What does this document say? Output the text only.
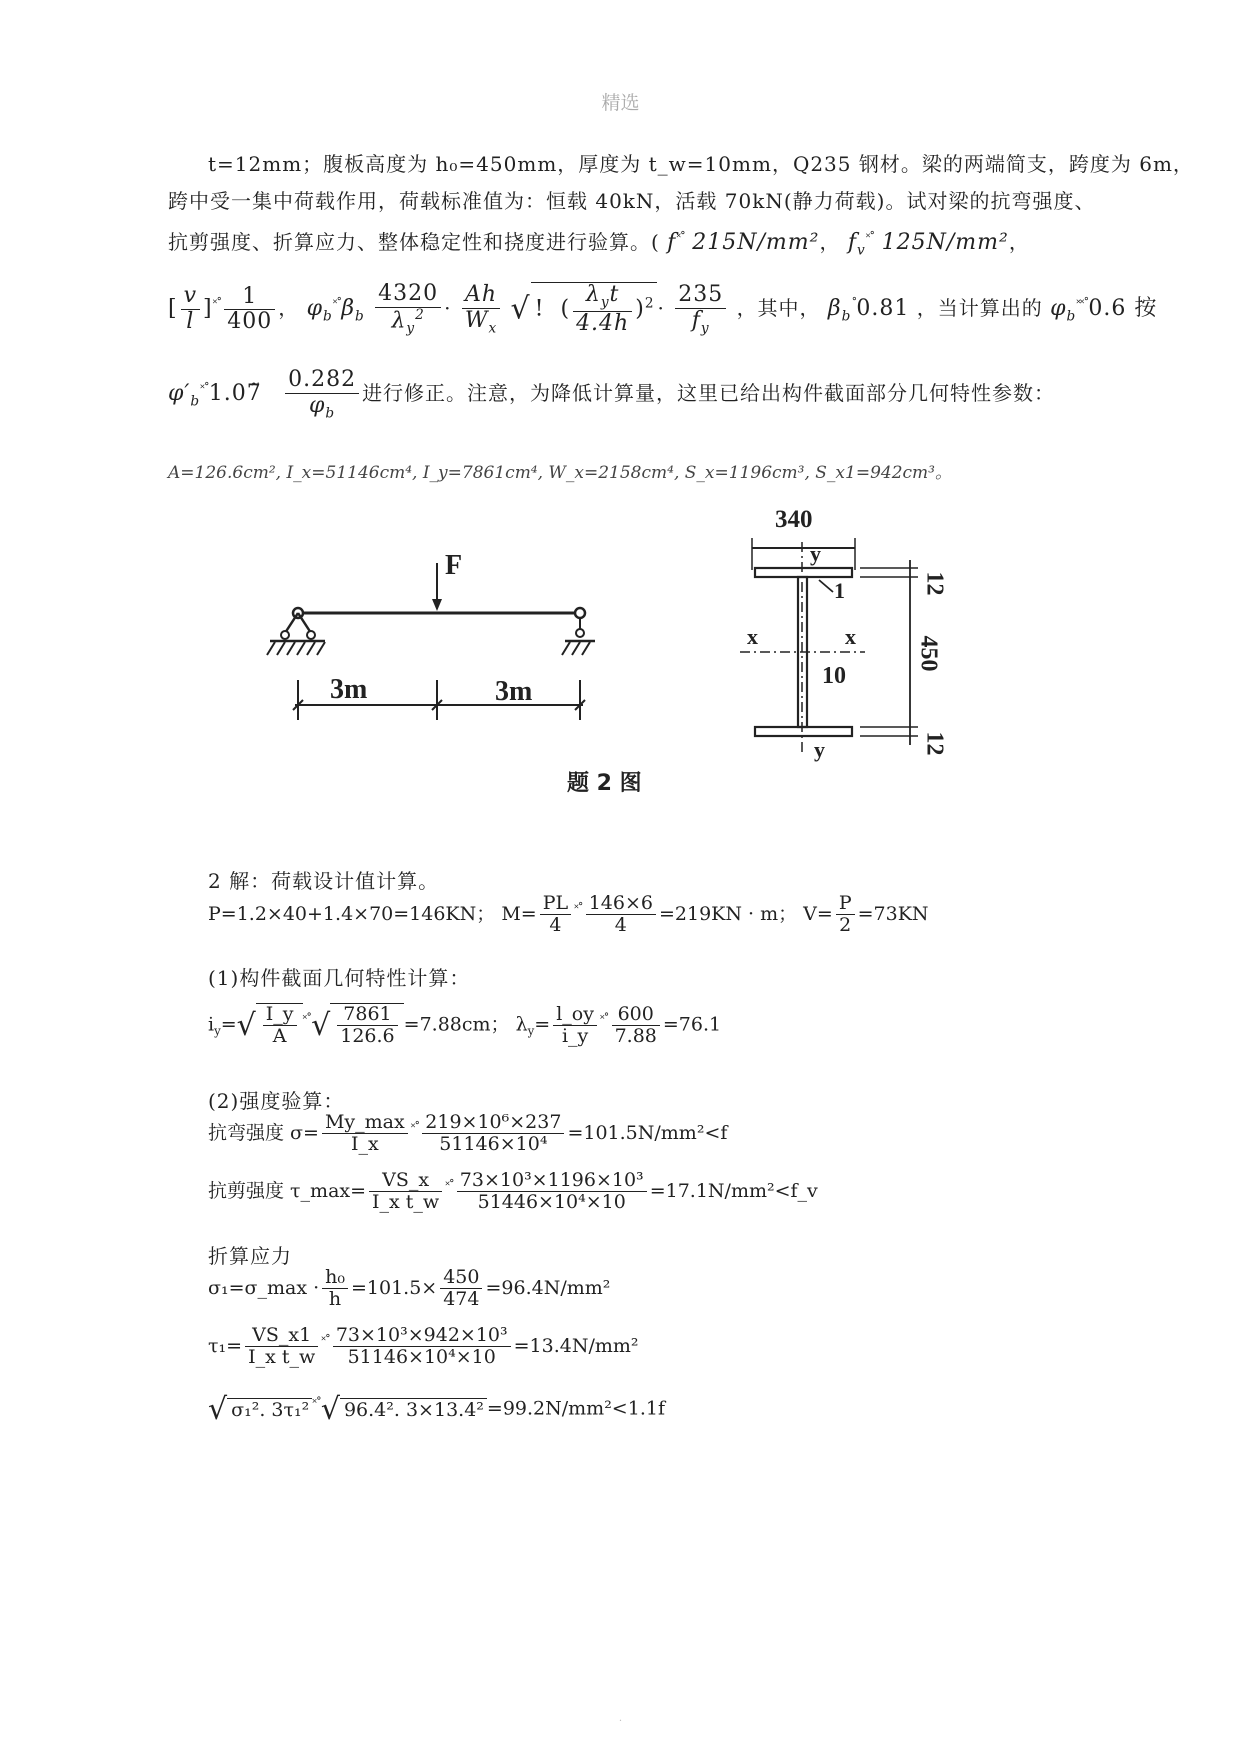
精选
t=12mm；腹板高度为 h₀=450mm，厚度为 t_w=10mm，Q235 钢材。梁的两端简支，跨度为 6m，
跨中受一集中荷载作用，荷载标准值为：恒载 40kN，活载 70kN(静力荷载)。试对梁的抗弯强度、
抗剪强度、折算应力、整体稳定性和挠度进行验算。( f˟˚ 215N/mm²， $f_v^{˟˚}$ 125N/mm²，
[ $\frac{v}{l} ]^{˟˚} \frac{1}{400}$ ， $\varphi_b^{˟˚}\beta_b \frac{4320}{\lambda_y^2} \cdot \frac{Ah}{W_x}$ √ !  ( $\frac{\lambda_yt}{4.4h} )^2 \cdot \frac{235}{f_y}$ ，其中， $\beta_b^˚0.81$ ，当计算出的 $\varphi_b^{˟˟˚}0.6$ 按
$\varphi'_b^{˟˚}1.07 \frac{0.282}{\varphi_b}$ 进行修正。注意，为降低计算量，这里已给出构件截面部分几何特性参数：
A=126.6cm², I_x=51146cm⁴, I_y=7861cm⁴, W_x=2158cm⁴, S_x=1196cm³, S_x1=942cm³。
F
3m	3m
340
y
1
x	x
10
y
12
450
12
题 2 图
2 解：荷载设计值计算。
P=1.2×40+1.4×70=146KN； $M= \frac{PL}{4} ^{˟˚} \frac{146\times 6}{4} =219KN \cdot m$； $V= \frac{P}{2} =73KN$
(1)构件截面几何特性计算：
$i_y=√ \frac{I\_y}{A} ^{˟˚}√ \frac{7861}{126.6} =7.88cm$； $\lambda_y= \frac{l\_oy}{i\_y} ^{˟˚} \frac{600}{7.88} =76.1$
(2)强度验算：
抗弯强度 $\sigma= \frac{My\_\max}{I\_x} ^{˟˚} \frac{\text{219×10⁶×237}}{\text{51146×10⁴}} =101.5N/mm^2<f$
抗剪强度 τ_max= $\frac{VS\_x}{\text{I\_x t\_w}} ^{˟˚} \frac{\text{73×10³×1196×10³}}{\text{51446×10⁴×10}}$ =17.1N/mm²<f_v
折算应力
σ₁=σ_max · $\frac{\text{h₀}}{h} =101.5\times \frac{450}{474} =96.4N/mm^2$
$\tau_1= \frac{VS\_x1}{\text{I\_x t\_w}} ^{˟˚} \frac{\text{73×10³×942×10³}}{\text{51146×10⁴×10}} =13.4N/mm^2$
√ σ₁². 3τ₁² ˟˚√ 96.4². 3×13.4² =99.2N/mm²<1.1f
.
